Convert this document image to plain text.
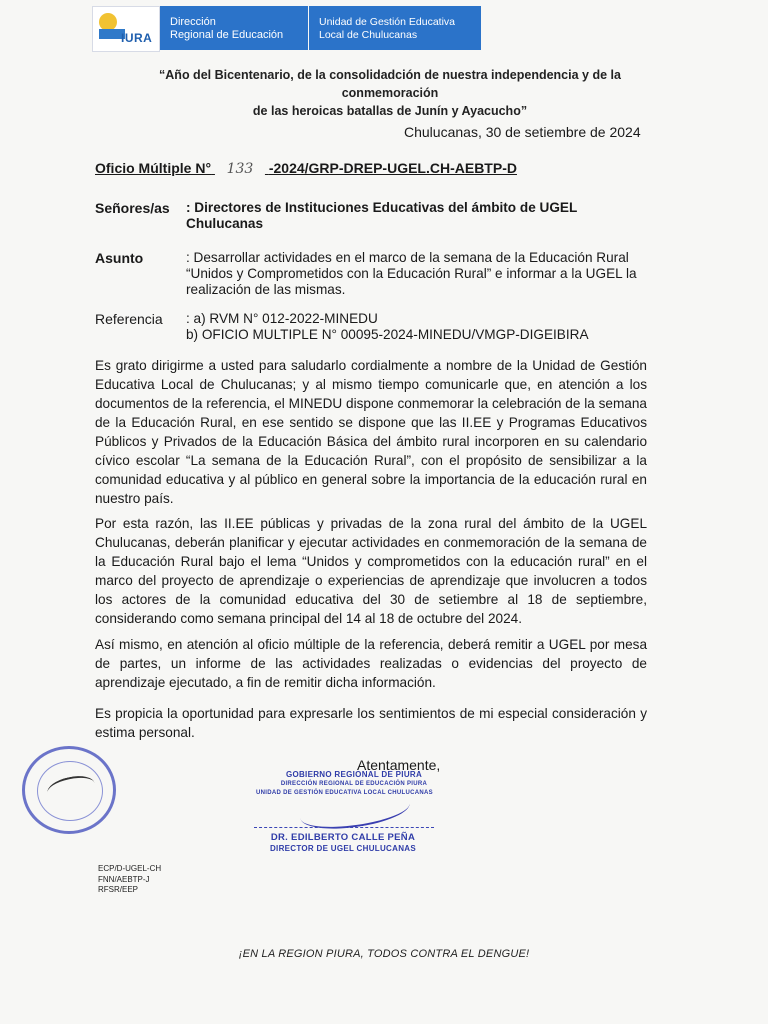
IURA
Dirección
Regional de Educación
Unidad de Gestión Educativa
Local de Chulucanas
“Año del Bicentenario, de la consolidadción de nuestra independencia y de la conmemoración
de las heroicas batallas de Junín y Ayacucho”
Chulucanas, 30 de setiembre de 2024
Oficio Múltiple N° 133 -2024/GRP-DREP-UGEL.CH-AEBTP-D
Señores/as : Directores de Instituciones Educativas del ámbito de UGEL Chulucanas
Asunto	: Desarrollar actividades en el marco de la semana de la Educación Rural “Unidos y Comprometidos con la Educación Rural” e informar a la UGEL la realización de las mismas.
Referencia : a) RVM N° 012-2022-MINEDU
b) OFICIO MULTIPLE N° 00095-2024-MINEDU/VMGP-DIGEIBIRA
Es grato dirigirme a usted para saludarlo cordialmente a nombre de la Unidad de Gestión Educativa Local de Chulucanas; y al mismo tiempo comunicarle que, en atención a los documentos de la referencia, el MINEDU dispone conmemorar la celebración de la semana de la Educación Rural, en ese sentido se dispone que las II.EE y Programas Educativos Públicos y Privados de la Educación Básica del ámbito rural incorporen en su calendario cívico escolar “La semana de la Educación Rural”, con el propósito de sensibilizar a la comunidad educativa y al público en general sobre la importancia de la educación rural en nuestro país.
Por esta razón, las II.EE públicas y privadas de la zona rural del ámbito de la UGEL Chulucanas, deberán planificar y ejecutar actividades en conmemoración de la semana de la Educación Rural bajo el lema “Unidos y comprometidos con la educación rural” en el marco del proyecto de aprendizaje o experiencias de aprendizaje que involucren a todos los actores de la comunidad educativa del 30 de setiembre al 18 de septiembre, considerando como semana principal del 14 al 18 de octubre del 2024.
Así mismo, en atención al oficio múltiple de la referencia, deberá remitir a UGEL por mesa de partes, un informe de las actividades realizadas o evidencias del proyecto de aprendizaje ejecutado, a fin de remitir dicha información.
Es propicia la oportunidad para expresarle los sentimientos de mi especial consideración y estima personal.
Atentamente,
GOBIERNO REGIONAL DE PIURA
DIRECCIÓN REGIONAL DE EDUCACIÓN PIURA
UNIDAD DE GESTIÓN EDUCATIVA LOCAL CHULUCANAS
DR. EDILBERTO CALLE PEÑA
DIRECTOR DE UGEL CHULUCANAS
ECP/D-UGEL-CH
FNN/AEBTP-J
RFSR/EEP
¡EN LA REGION PIURA, TODOS CONTRA EL DENGUE!
